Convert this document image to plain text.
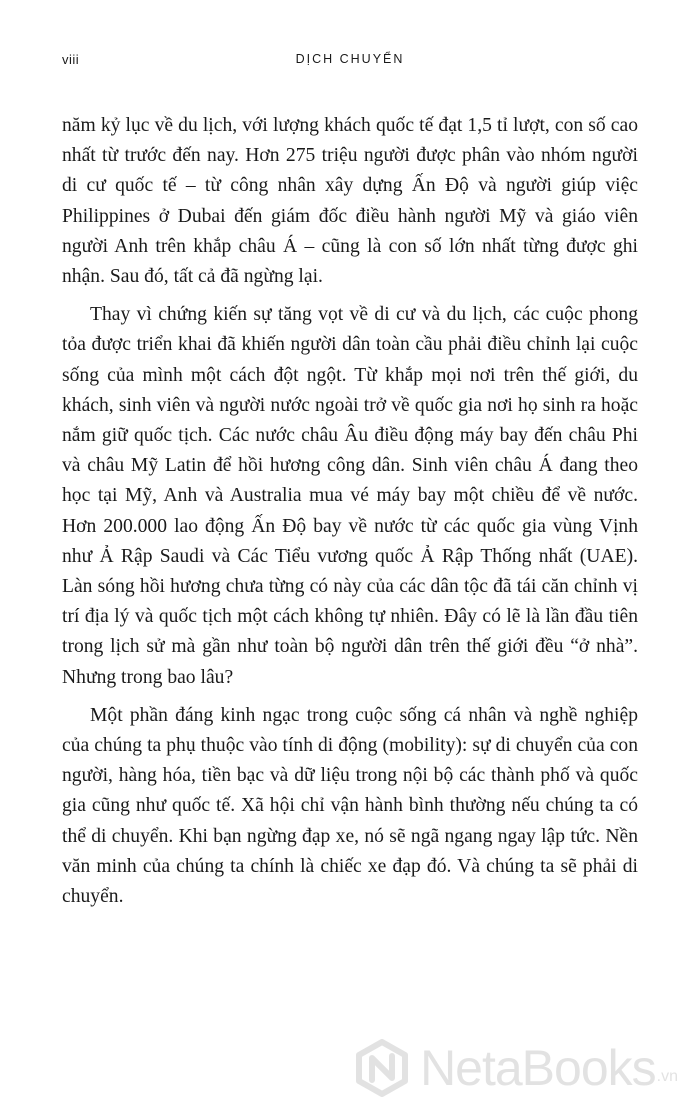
viii	DỊCH CHUYỂN

năm kỷ lục về du lịch, với lượng khách quốc tế đạt 1,5 tỉ lượt, con số cao nhất từ trước đến nay. Hơn 275 triệu người được phân vào nhóm người di cư quốc tế – từ công nhân xây dựng Ấn Độ và người giúp việc Philippines ở Dubai đến giám đốc điều hành người Mỹ và giáo viên người Anh trên khắp châu Á – cũng là con số lớn nhất từng được ghi nhận. Sau đó, tất cả đã ngừng lại.

Thay vì chứng kiến sự tăng vọt về di cư và du lịch, các cuộc phong tỏa được triển khai đã khiến người dân toàn cầu phải điều chỉnh lại cuộc sống của mình một cách đột ngột. Từ khắp mọi nơi trên thế giới, du khách, sinh viên và người nước ngoài trở về quốc gia nơi họ sinh ra hoặc nắm giữ quốc tịch. Các nước châu Âu điều động máy bay đến châu Phi và châu Mỹ Latin để hồi hương công dân. Sinh viên châu Á đang theo học tại Mỹ, Anh và Australia mua vé máy bay một chiều để về nước. Hơn 200.000 lao động Ấn Độ bay về nước từ các quốc gia vùng Vịnh như Ả Rập Saudi và Các Tiểu vương quốc Ả Rập Thống nhất (UAE). Làn sóng hồi hương chưa từng có này của các dân tộc đã tái căn chỉnh vị trí địa lý và quốc tịch một cách không tự nhiên. Đây có lẽ là lần đầu tiên trong lịch sử mà gần như toàn bộ người dân trên thế giới đều “ở nhà”. Nhưng trong bao lâu?

Một phần đáng kinh ngạc trong cuộc sống cá nhân và nghề nghiệp của chúng ta phụ thuộc vào tính di động (mobility): sự di chuyển của con người, hàng hóa, tiền bạc và dữ liệu trong nội bộ các thành phố và quốc gia cũng như quốc tế. Xã hội chỉ vận hành bình thường nếu chúng ta có thể di chuyển. Khi bạn ngừng đạp xe, nó sẽ ngã ngang ngay lập tức. Nền văn minh của chúng ta chính là chiếc xe đạp đó. Và chúng ta sẽ phải di chuyển.

NetaBooks .vn
